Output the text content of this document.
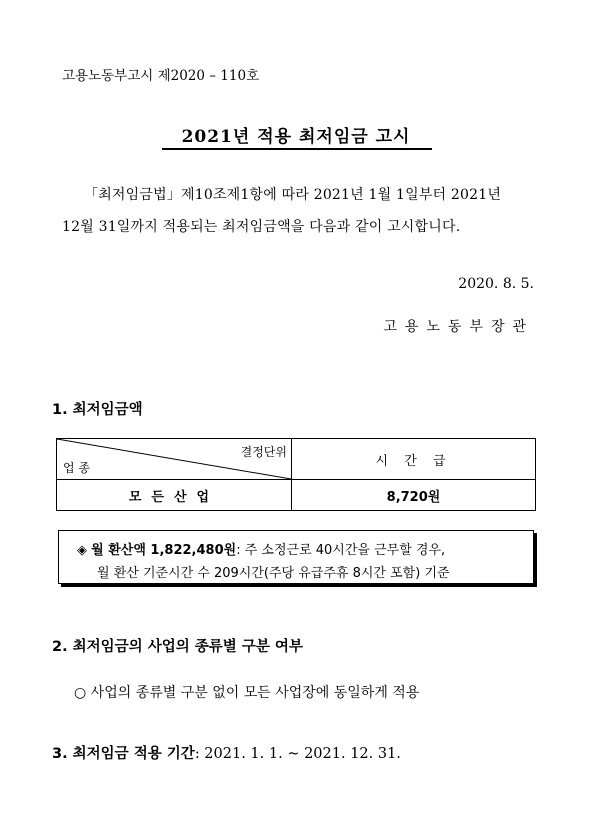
고용노동부고시 제2020 – 110호
2021년 적용 최저임금 고시
「최저임금법」제10조제1항에 따라 2021년 1월 1일부터 2021년
12월 31일까지 적용되는 최저임금액을 다음과 같이 고시합니다.
2020. 8. 5.
고용노동부장관
1. 최저임금액
결정단위
업 종	시 간 급
모든산업	8,720원
◈ 월 환산액 1,822,480원: 주 소정근로 40시간을 근무할 경우,
월 환산 기준시간 수 209시간(주당 유급주휴 8시간 포함) 기준
2. 최저임금의 사업의 종류별 구분 여부
○ 사업의 종류별 구분 없이 모든 사업장에 동일하게 적용
3. 최저임금 적용 기간: 2021. 1. 1. ~ 2021. 12. 31.
